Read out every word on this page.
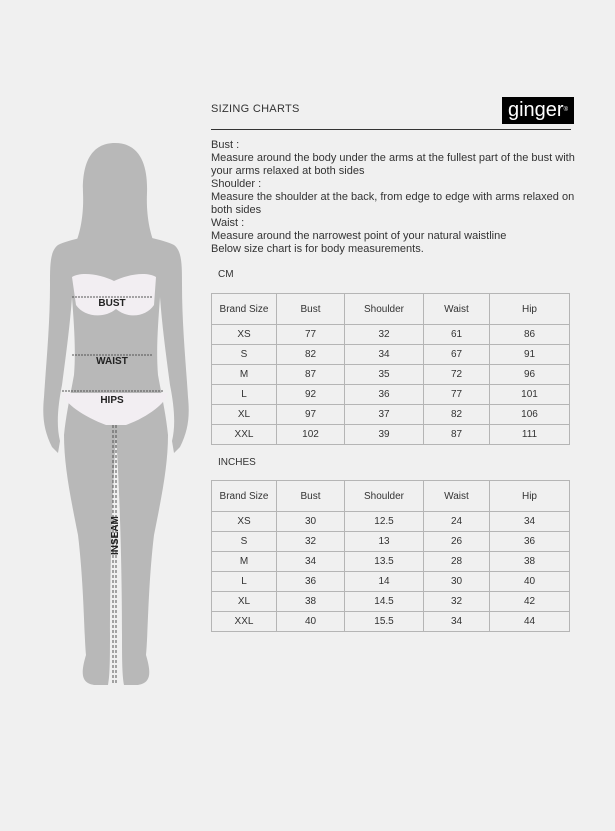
BUST
WAIST
HIPS
INSEAM
SIZING CHARTS	ginger®
Bust :
Measure around the body under the arms at the fullest part of the bust with your arms relaxed at both sides
Shoulder :
Measure the shoulder at the back, from edge to edge with arms relaxed on both sides
Waist :
Measure around the narrowest point of your natural waistline
Below size chart is for body measurements.
CM
Brand Size	Bust	Shoulder	Waist	Hip
XS	77	32	61	86
S	82	34	67	91
M	87	35	72	96
L	92	36	77	101
XL	97	37	82	106
XXL	102	39	87	111
INCHES
Brand Size	Bust	Shoulder	Waist	Hip
XS	30	12.5	24	34
S	32	13	26	36
M	34	13.5	28	38
L	36	14	30	40
XL	38	14.5	32	42
XXL	40	15.5	34	44
